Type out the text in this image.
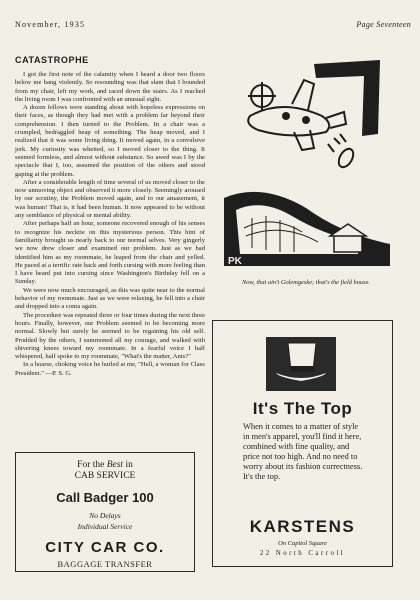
November, 1935	Page Seventeen
CATASTROPHE

I got the first note of the calamity when I heard a door two floors below me bang violently. So resounding was that slam that I bounded from my chair, left my work, and raced down the stairs. As I reached the living room I was confronted with an unusual sight.

A dozen fellows were standing about with hopeless expressions on their faces, as though they had met with a problem far beyond their comprehension. I then turned to the Problem. In a chair was a crumpled, bedraggled heap of something. The heap moved, and I realized that it was some living thing. It moved again, in a convulsive jerk. My curiosity was whetted, so I moved closer to the thing. It seemed formless, and almost without substance. So awed was I by the spectacle that I, too, assumed the position of the others and stood gaping at the problem.

After a considerable length of time several of us moved closer to the now unmoving object and observed it more closely. Seemingly aroused by our scrutiny, the Problem moved again, and to our amazement, it was human! That is, it had been human. It now appeared to be without any semblance of physical or mental ability.

After perhaps half an hour, someone recovered enough of his senses to recognize his necktie on this mysterious person. This hint of familiarity brought us nearly back to our normal selves. Very gingerly we now drew closer and examined our problem. Just as we had identified him as my roommate, he leaped from the chair and yelled. He paced at a terrific rate back and forth cursing with more feeling than I have heard put into cursing since Washington's Birthday fell on a Sunday.

We were now much encouraged, as this was quite near to the normal behavior of my roommate. Just as we were relaxing, he fell into a chair and dropped into a coma again.

The procedure was repeated three or four times during the next three hours. Finally, however, our Problem seemed to be becoming more normal. Slowly but surely he seemed to be regaining his old self. Prodded by the others, I summoned all my courage, and walked with shivering knees toward my roommate. In a fearful voice I half whispered, half spoke to my roommate, "What's the matter, Ants?"

In a hoarse, choking voice he hurled at me, "Hell, a woman for Class President." —P. S. G.

For the Best in
CAB SERVICE
Call Badger 100
No Delays
Individual Service
CITY CAR CO.
BAGGAGE TRANSFER
PK
Now, that ain't Golemgeske; that's the field house.
It's The Top
When it comes to a matter of style in men's apparel, you'll find it here, combined with fine quality, and price not too high. And no need to worry about its fashion correctness. It's the top.
KARSTENS
On Capitol Square
22 North Carroll
